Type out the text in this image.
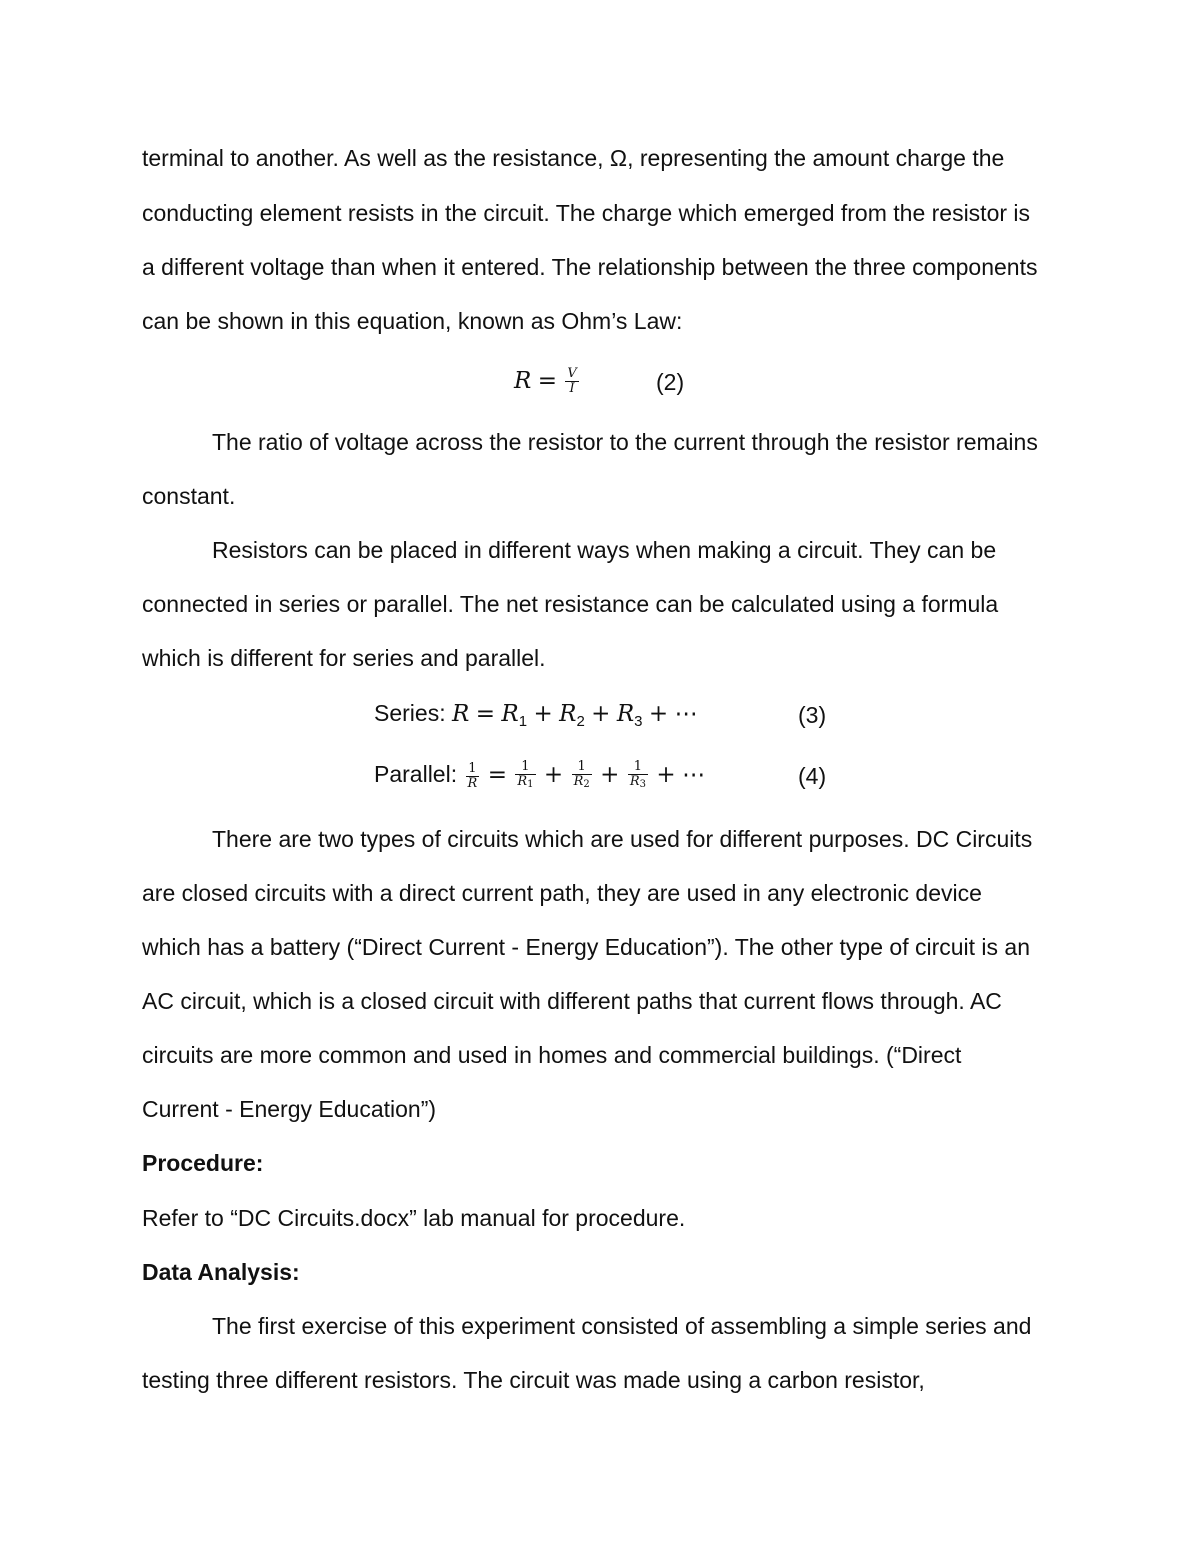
terminal to another. As well as the resistance, Ω, representing the amount charge the
conducting element resists in the circuit. The charge which emerged from the resistor is
a different voltage than when it entered. The relationship between the three components
can be shown in this equation, known as Ohm’s Law:
$R = \frac{V}{I}$	(2)
The ratio of voltage across the resistor to the current through the resistor remains
constant.
Resistors can be placed in different ways when making a circuit. They can be
connected in series or parallel. The net resistance can be calculated using a formula
which is different for series and parallel.
Series: $R = R_1 + R_2 + R_3$ + ⋯	(3)
Parallel: $\frac{1}{R} = \frac{1}{R_1} + \frac{1}{R_2} + \frac{1}{R_3}$ + ⋯	(4)
There are two types of circuits which are used for different purposes. DC Circuits
are closed circuits with a direct current path, they are used in any electronic device
which has a battery (“Direct Current - Energy Education”). The other type of circuit is an
AC circuit, which is a closed circuit with different paths that current flows through. AC
circuits are more common and used in homes and commercial buildings. (“Direct
Current - Energy Education”)
Procedure:
Refer to “DC Circuits.docx” lab manual for procedure.
Data Analysis:
The first exercise of this experiment consisted of assembling a simple series and
testing three different resistors. The circuit was made using a carbon resistor,
